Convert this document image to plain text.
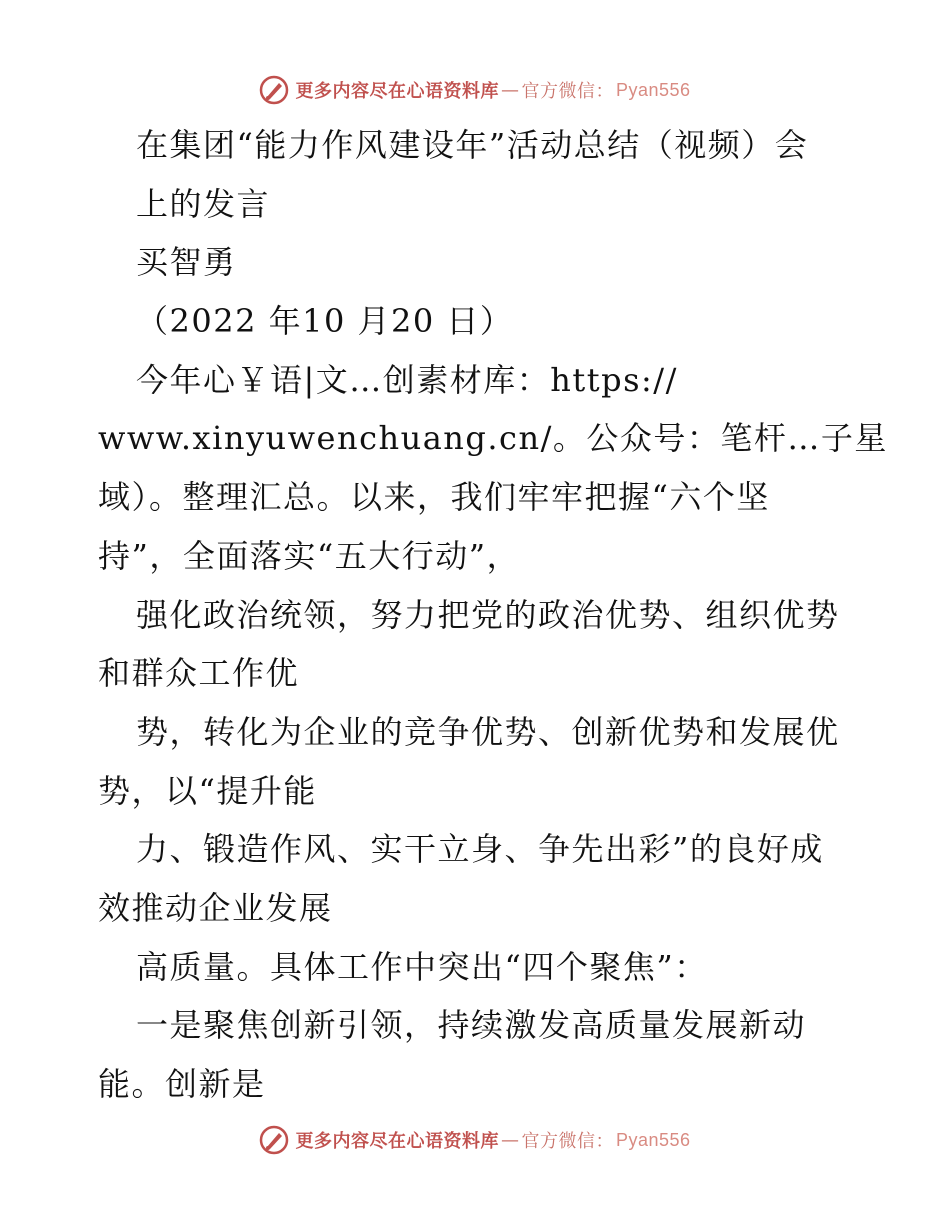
更多内容尽在心语资料库 — 官方微信： Pyan556
在集团“能力作风建设年”活动总结（视频）会
上的发言
买智勇
（2022 年10 月20 日）
今年心￥语|文…创素材库：https://
www.xinyuwenchuang.cn/。公众号：笔杆…子星
域）。整理汇总。以来，我们牢牢把握“六个坚
持”，全面落实“五大行动”，
强化政治统领，努力把党的政治优势、组织优势
和群众工作优
势，转化为企业的竞争优势、创新优势和发展优
势，以“提升能
力、锻造作风、实干立身、争先出彩”的良好成
效推动企业发展
高质量。具体工作中突出“四个聚焦”：
一是聚焦创新引领，持续激发高质量发展新动
能。创新是
更多内容尽在心语资料库 — 官方微信： Pyan556
